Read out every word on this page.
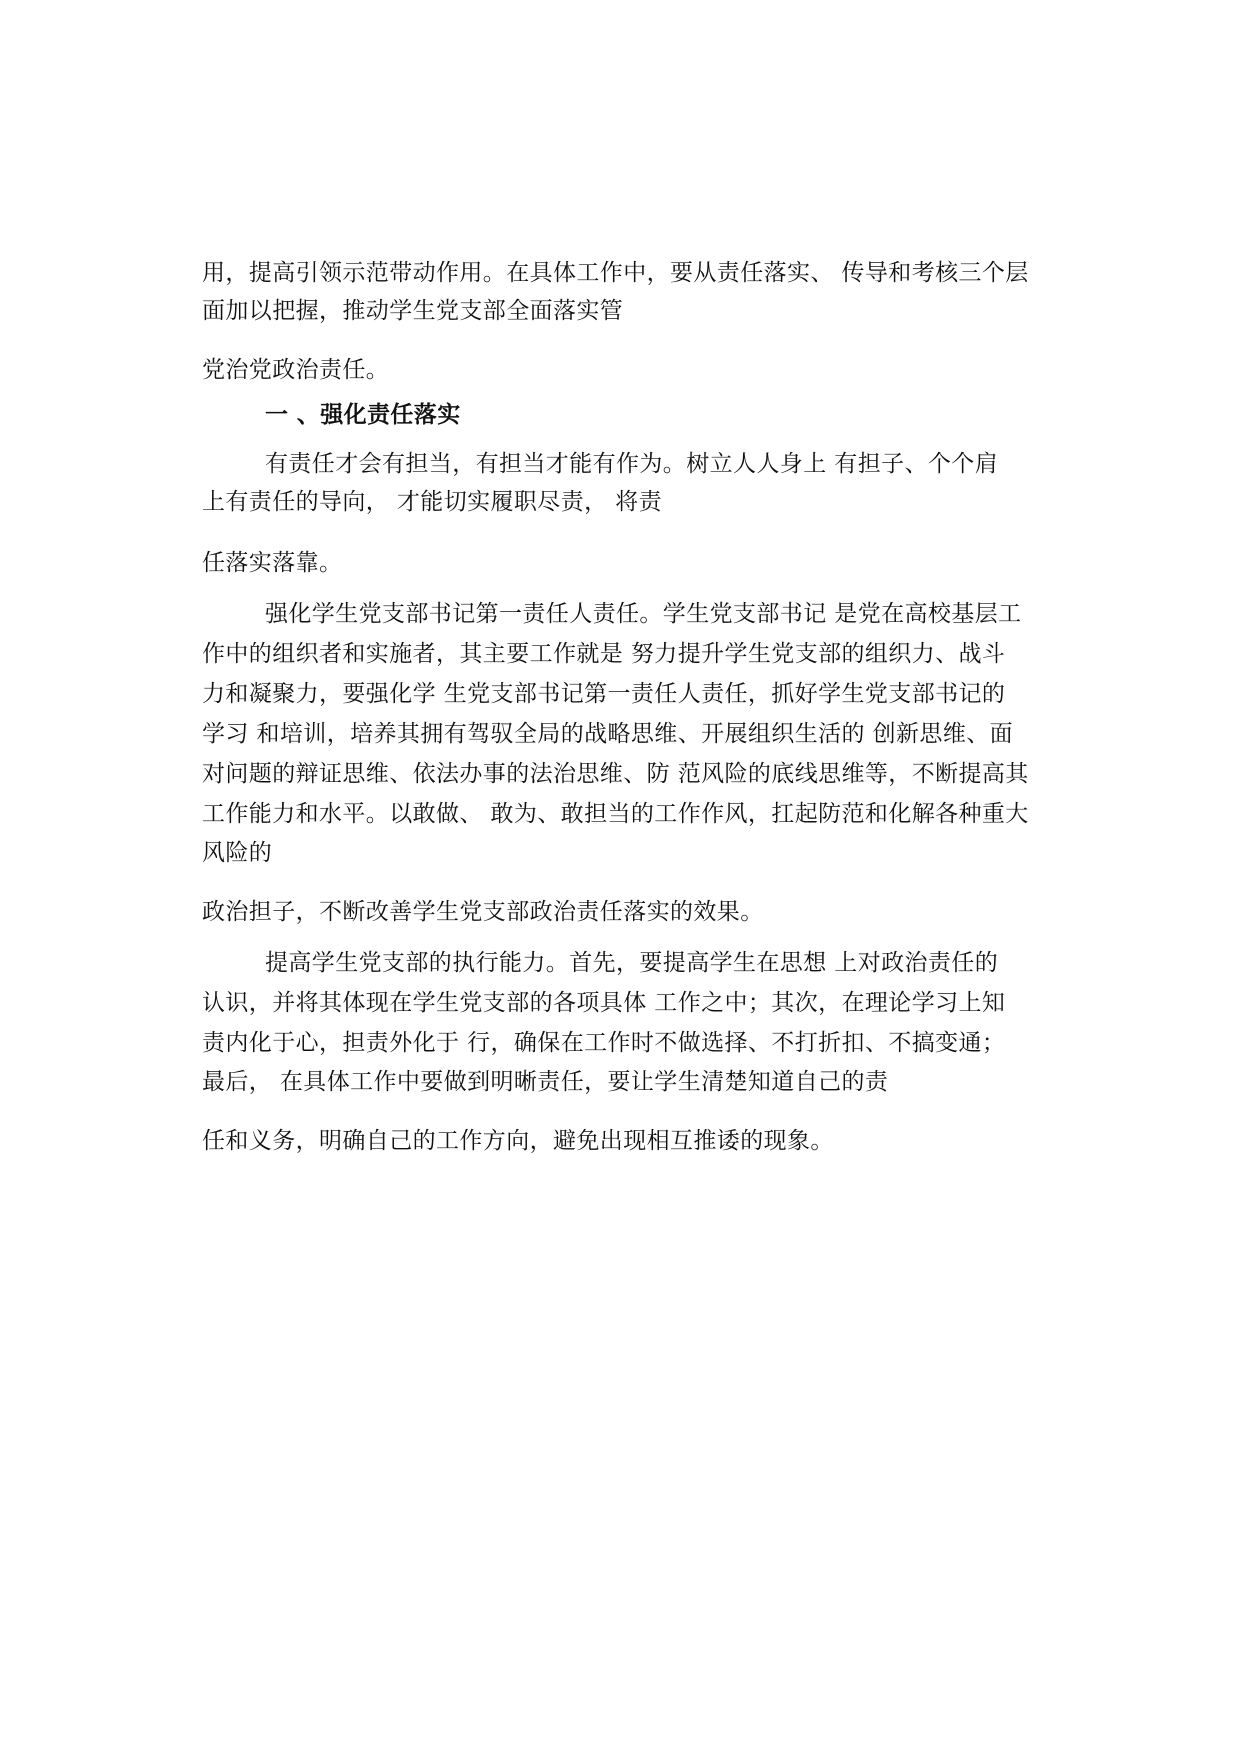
用，提高引领示范带动作用。在具体工作中，要从责任落实、 传导和考核三个层
面加以把握，推动学生党支部全面落实管
党治党政治责任。
一 、强化责任落实
有责任才会有担当，有担当才能有作为。树立人人身上 有担子、个个肩
上有责任的导向， 才能切实履职尽责， 将责
任落实落靠。
强化学生党支部书记第一责任人责任。学生党支部书记 是党在高校基层工
作中的组织者和实施者，其主要工作就是 努力提升学生党支部的组织力、战斗
力和凝聚力，要强化学 生党支部书记第一责任人责任，抓好学生党支部书记的
学习 和培训，培养其拥有驾驭全局的战略思维、开展组织生活的 创新思维、面
对问题的辩证思维、依法办事的法治思维、防 范风险的底线思维等，不断提高其
工作能力和水平。以敢做、 敢为、敢担当的工作作风，扛起防范和化解各种重大
风险的
政治担子，不断改善学生党支部政治责任落实的效果。
提高学生党支部的执行能力。首先，要提高学生在思想 上对政治责任的
认识，并将其体现在学生党支部的各项具体 工作之中；其次，在理论学习上知
责内化于心，担责外化于 行，确保在工作时不做选择、不打折扣、不搞变通；
最后， 在具体工作中要做到明晰责任，要让学生清楚知道自己的责
任和义务，明确自己的工作方向，避免出现相互推诿的现象。
